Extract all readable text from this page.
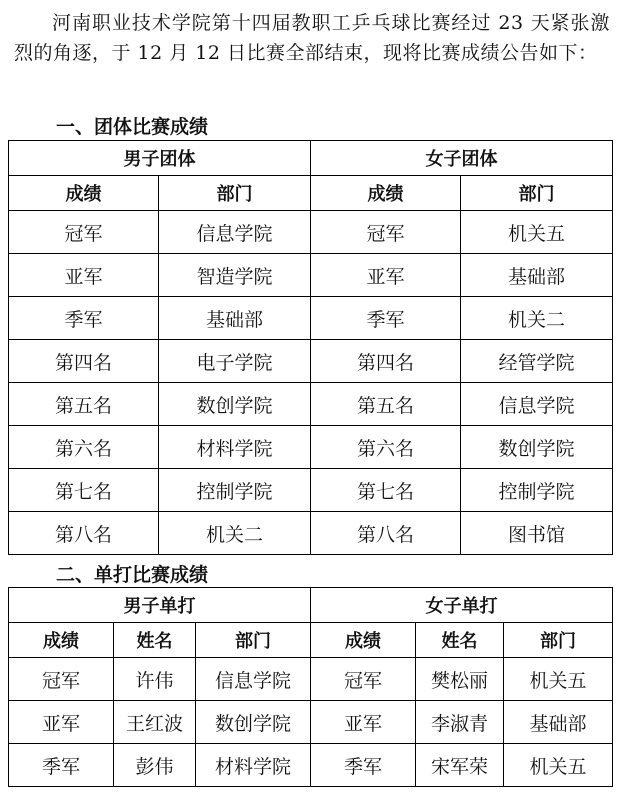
河南职业技术学院第十四届教职工乒乓球比赛经过 23 天紧张激烈的角逐，于 12 月 12 日比赛全部结束，现将比赛成绩公告如下：

一、团体比赛成绩

男子团体		女子团体	
成绩	部门	成绩	部门
冠军	信息学院	冠军	机关五
亚军	智造学院	亚军	基础部
季军	基础部	季军	机关二
第四名	电子学院	第四名	经管学院
第五名	数创学院	第五名	信息学院
第六名	材料学院	第六名	数创学院
第七名	控制学院	第七名	控制学院
第八名	机关二	第八名	图书馆

二、单打比赛成绩

男子单打			女子单打		
成绩	姓名	部门	成绩	姓名	部门
冠军	许伟	信息学院	冠军	樊松丽	机关五
亚军	王红波	数创学院	亚军	李淑青	基础部
季军	彭伟	材料学院	季军	宋军荣	机关五
